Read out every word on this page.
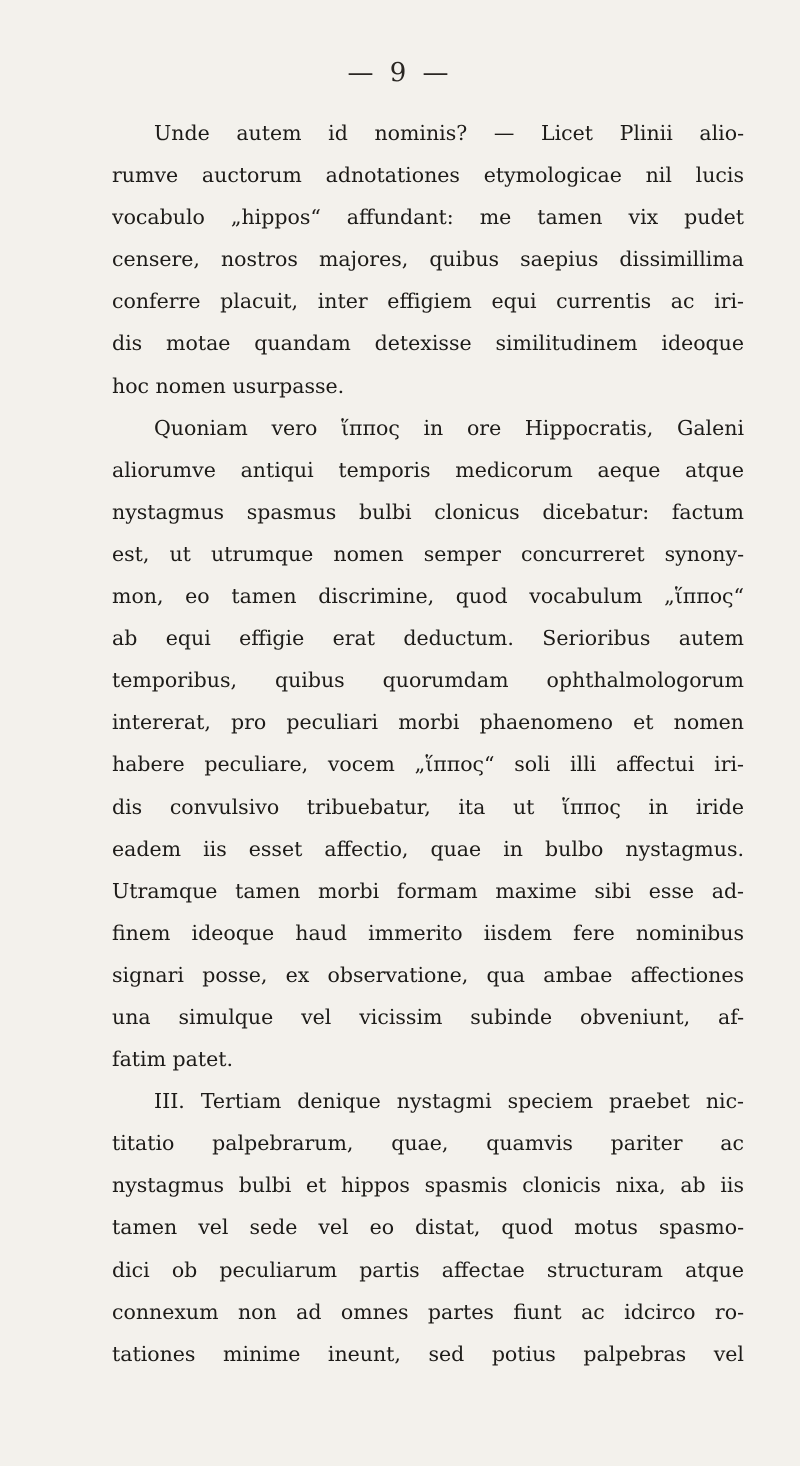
— 9 —
Unde autem id nominis? — Licet Plinii alio-
rumve auctorum adnotationes etymologicae nil lucis
vocabulo „hippos“ affundant: me tamen vix pudet
censere, nostros majores, quibus saepius dissimillima
conferre placuit, inter effigiem equi currentis ac iri-
dis motae quandam detexisse similitudinem ideoque
hoc nomen usurpasse.
Quoniam vero ἵππος in ore Hippocratis, Galeni
aliorumve antiqui temporis medicorum aeque atque
nystagmus spasmus bulbi clonicus dicebatur: factum
est, ut utrumque nomen semper concurreret synony-
mon, eo tamen discrimine, quod vocabulum „ἵππος“
ab equi effigie erat deductum. Serioribus autem
temporibus, quibus quorumdam ophthalmologorum
intererat, pro peculiari morbi phaenomeno et nomen
habere peculiare, vocem „ἵππος“ soli illi affectui iri-
dis convulsivo tribuebatur, ita ut ἵππος in iride
eadem iis esset affectio, quae in bulbo nystagmus.
Utramque tamen morbi formam maxime sibi esse ad-
finem ideoque haud immerito iisdem fere nominibus
signari posse, ex observatione, qua ambae affectiones
una simulque vel vicissim subinde obveniunt, af-
fatim patet.
III. Tertiam denique nystagmi speciem praebet nic-
titatio palpebrarum, quae, quamvis pariter ac
nystagmus bulbi et hippos spasmis clonicis nixa, ab iis
tamen vel sede vel eo distat, quod motus spasmo-
dici ob peculiarum partis affectae structuram atque
connexum non ad omnes partes fiunt ac idcirco ro-
tationes minime ineunt, sed potius palpebras vel
